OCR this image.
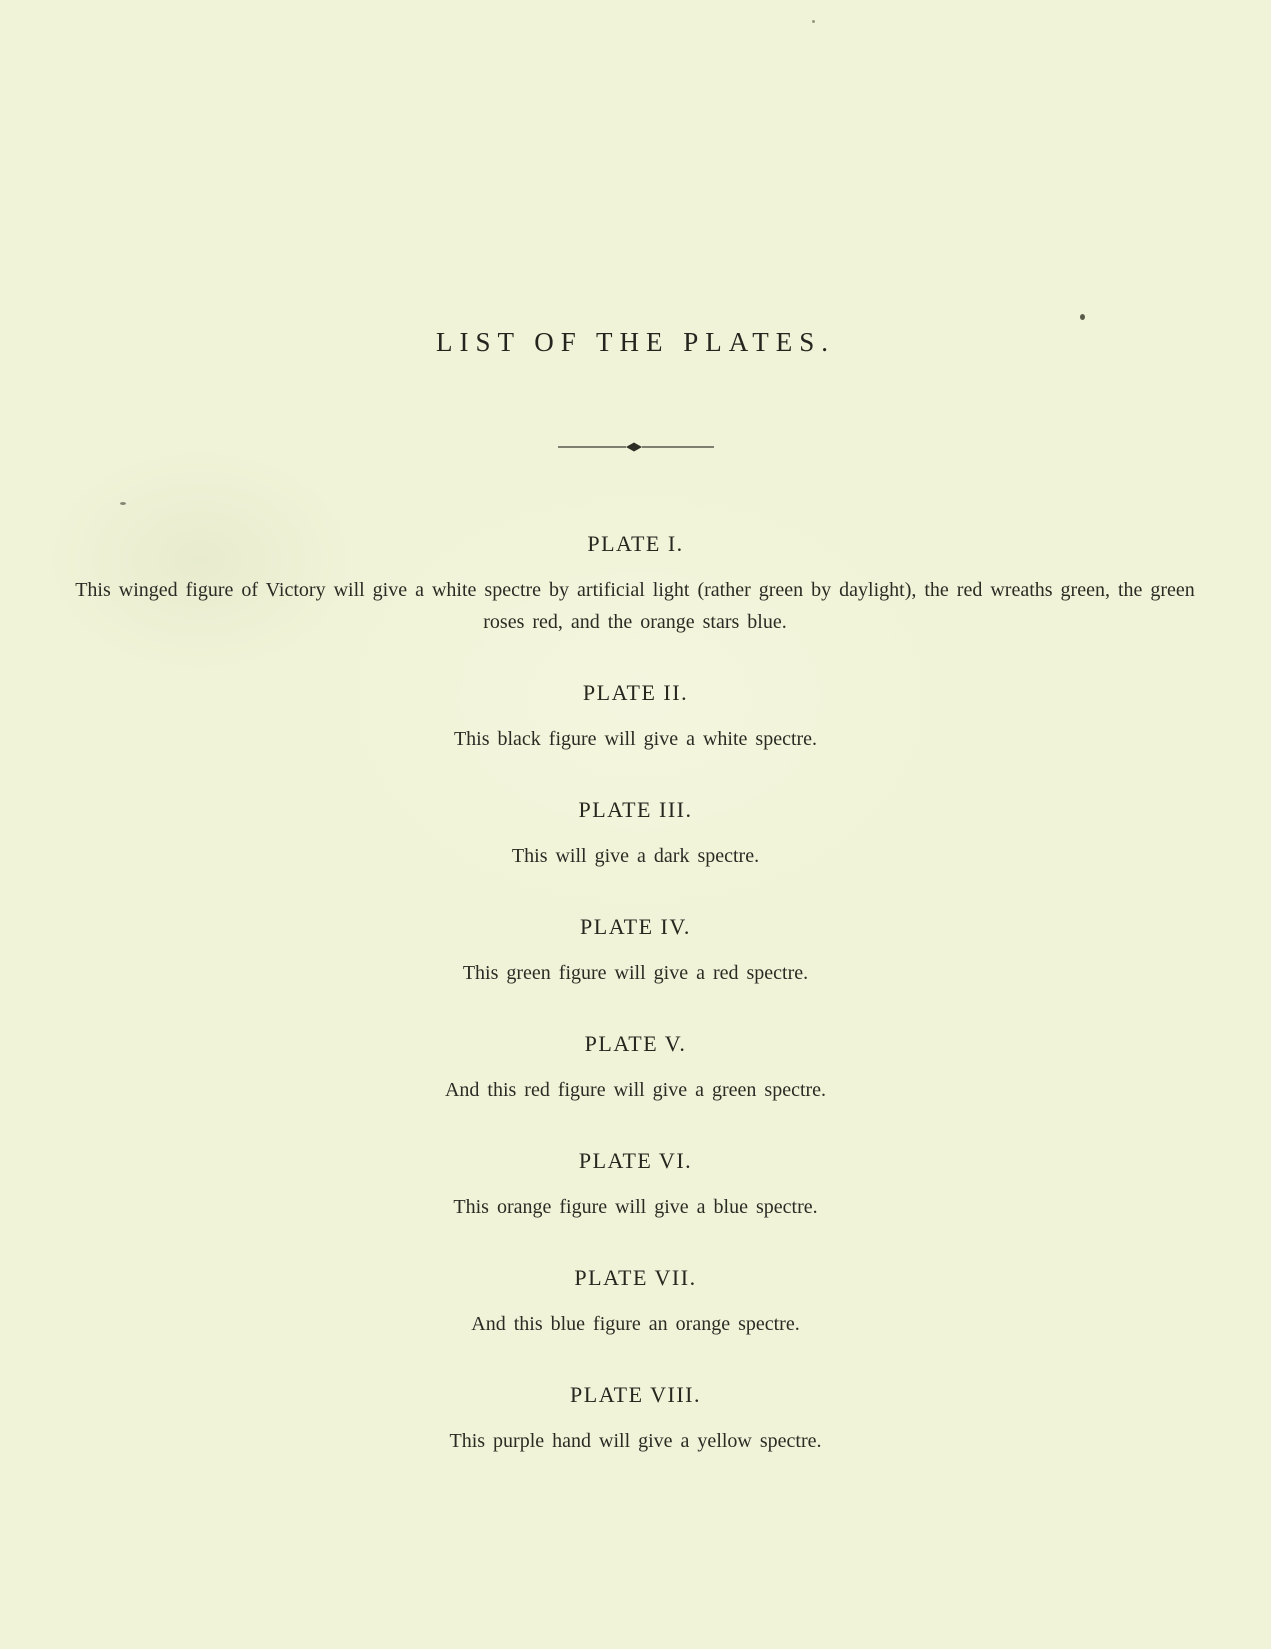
LIST OF THE PLATES.
PLATE I.
This winged figure of Victory will give a white spectre by artificial light (rather green by daylight), the red wreaths green, the green roses red, and the orange stars blue.
PLATE II.
This black figure will give a white spectre.
PLATE III.
This will give a dark spectre.
PLATE IV.
This green figure will give a red spectre.
PLATE V.
And this red figure will give a green spectre.
PLATE VI.
This orange figure will give a blue spectre.
PLATE VII.
And this blue figure an orange spectre.
PLATE VIII.
This purple hand will give a yellow spectre.
